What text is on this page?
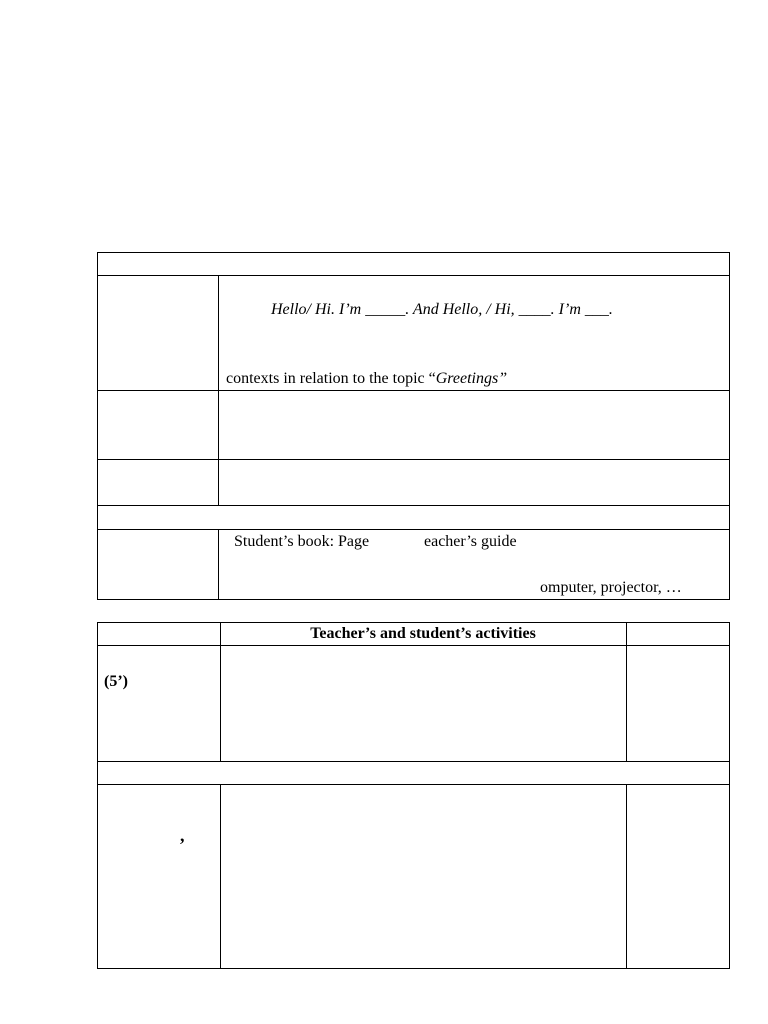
Hello/ Hi. I’m _____. And Hello, / Hi, ____. I’m ___.
contexts in relation to the topic “Greetings”
Student’s book: Page	eacher’s guide
omputer, projector, …
Teacher’s and student’s activities
(5’)
,
